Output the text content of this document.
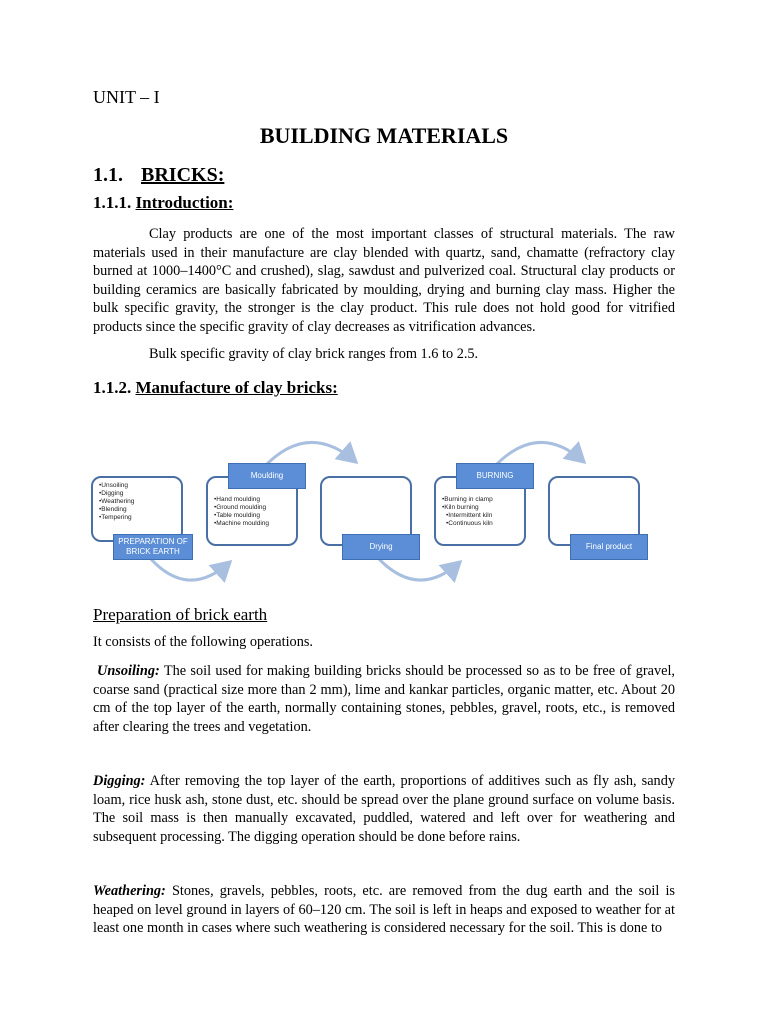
UNIT – I
BUILDING MATERIALS
1.1. BRICKS:
1.1.1. Introduction:
Clay products are one of the most important classes of structural materials. The raw materials used in their manufacture are clay blended with quartz, sand, chamatte (refractory clay burned at 1000–1400°C and crushed), slag, sawdust and pulverized coal. Structural clay products or building ceramics are basically fabricated by moulding, drying and burning clay mass. Higher the bulk specific gravity, the stronger is the clay product. This rule does not hold good for vitrified products since the specific gravity of clay decreases as vitrification advances.
Bulk specific gravity of clay brick ranges from 1.6 to 2.5.
1.1.2. Manufacture of clay bricks:
• Unsoiling
• Digging
• Weathering
• Blending
• Tempering
PREPARATION OF BRICK EARTH
• Hand moulding
• Ground moulding
• Table moulding
• Machine moulding
Moulding
Drying
• Burning in clamp
• Kiln burning
• Intermittent kiln
• Continuous kiln
BURNING
Final product
Preparation of brick earth
It consists of the following operations.
Unsoiling: The soil used for making building bricks should be processed so as to be free of gravel, coarse sand (practical size more than 2 mm), lime and kankar particles, organic matter, etc. About 20 cm of the top layer of the earth, normally containing stones, pebbles, gravel, roots, etc., is removed after clearing the trees and vegetation.
Digging: After removing the top layer of the earth, proportions of additives such as fly ash, sandy loam, rice husk ash, stone dust, etc. should be spread over the plane ground surface on volume basis. The soil mass is then manually excavated, puddled, watered and left over for weathering and subsequent processing. The digging operation should be done before rains.
Weathering: Stones, gravels, pebbles, roots, etc. are removed from the dug earth and the soil is heaped on level ground in layers of 60–120 cm. The soil is left in heaps and exposed to weather for at least one month in cases where such weathering is considered necessary for the soil. This is done to
